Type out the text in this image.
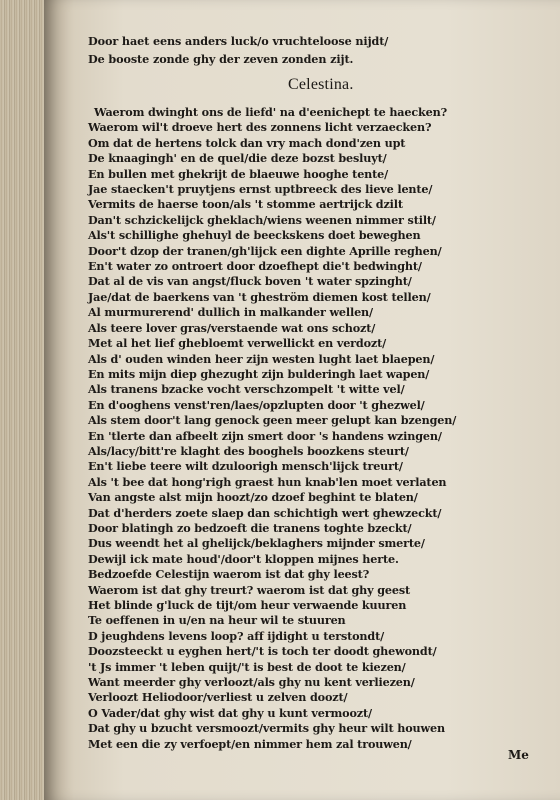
Door haet eens anders luck/o vruchteloose nijdt/
De booste zonde ghy der zeven zonden zijt.
Celestina.
Waerom dwinght ons de liefd' na d'eenichept te haecken?
Waerom wil't droeve hert des zonnens licht verzaecken?
Om dat de hertens tolck dan vry mach dond'zen upt
De knaagingh' en de quel/die deze bozst besluyt/
En bullen met ghekrijt de blaeuwe hooghe tente/
Jae staecken't pruytjens ernst uptbreeck des lieve lente/
Vermits de haerse toon/als 't stomme aertrijck dzilt
Dan't schzickelijck gheklach/wiens weenen nimmer stilt/
Als't schillighe ghehuyl de beeckskens doet beweghen
Door't dzop der tranen/gh'lijck een dighte Aprille reghen/
En't water zo ontroert door dzoefhept die't bedwinght/
Dat al de vis van angst/fluck boven 't water spzinght/
Jae/dat de baerkens van 't gheström diemen kost tellen/
Al murmurerend' dullich in malkander wellen/
Als teere lover gras/verstaende wat ons schozt/
Met al het lief ghebloemt verwellickt en verdozt/
Als d' ouden winden heer zijn westen lught laet blaepen/
En mits mijn diep ghezught zijn bulderingh laet wapen/
Als tranens bzacke vocht verschzompelt 't witte vel/
En d'ooghens venst'ren/laes/opzlupten door 't ghezwel/
Als stem door't lang genock geen meer gelupt kan bzengen/
En 'tlerte dan afbeelt zijn smert door 's handens wzingen/
Als/lacy/bitt're klaght des booghels boozkens steurt/
En't liebe teere wilt dzuloorigh mensch'lijck treurt/
Als 't bee dat hong'righ graest hun knab'len moet verlaten
Van angste alst mijn hoozt/zo dzoef beghint te blaten/
Dat d'herders zoete slaep dan schichtigh wert ghewzeckt/
Door blatingh zo bedzoeft die tranens toghte bzeckt/
Dus weendt het al ghelijck/beklaghers mijnder smerte/
Dewijl ick mate houd'/door't kloppen mijnes herte.
Bedzoefde Celestijn waerom ist dat ghy leest?
Waerom ist dat ghy treurt? waerom ist dat ghy geest
Het blinde g'luck de tijt/om heur verwaende kuuren
Te oeffenen in u/en na heur wil te stuuren
D jeughdens levens loop? aff ijdight u terstondt/
Doozsteeckt u eyghen hert/'t is toch ter doodt ghewondt/
't Js immer 't leben quijt/'t is best de doot te kiezen/
Want meerder ghy verloozt/als ghy nu kent verliezen/
Verloozt Heliodoor/verliest u zelven doozt/
O Vader/dat ghy wist dat ghy u kunt vermoozt/
Dat ghy u bzucht versmoozt/vermits ghy heur wilt houwen
Met een die zy verfoept/en nimmer hem zal trouwen/
Me
